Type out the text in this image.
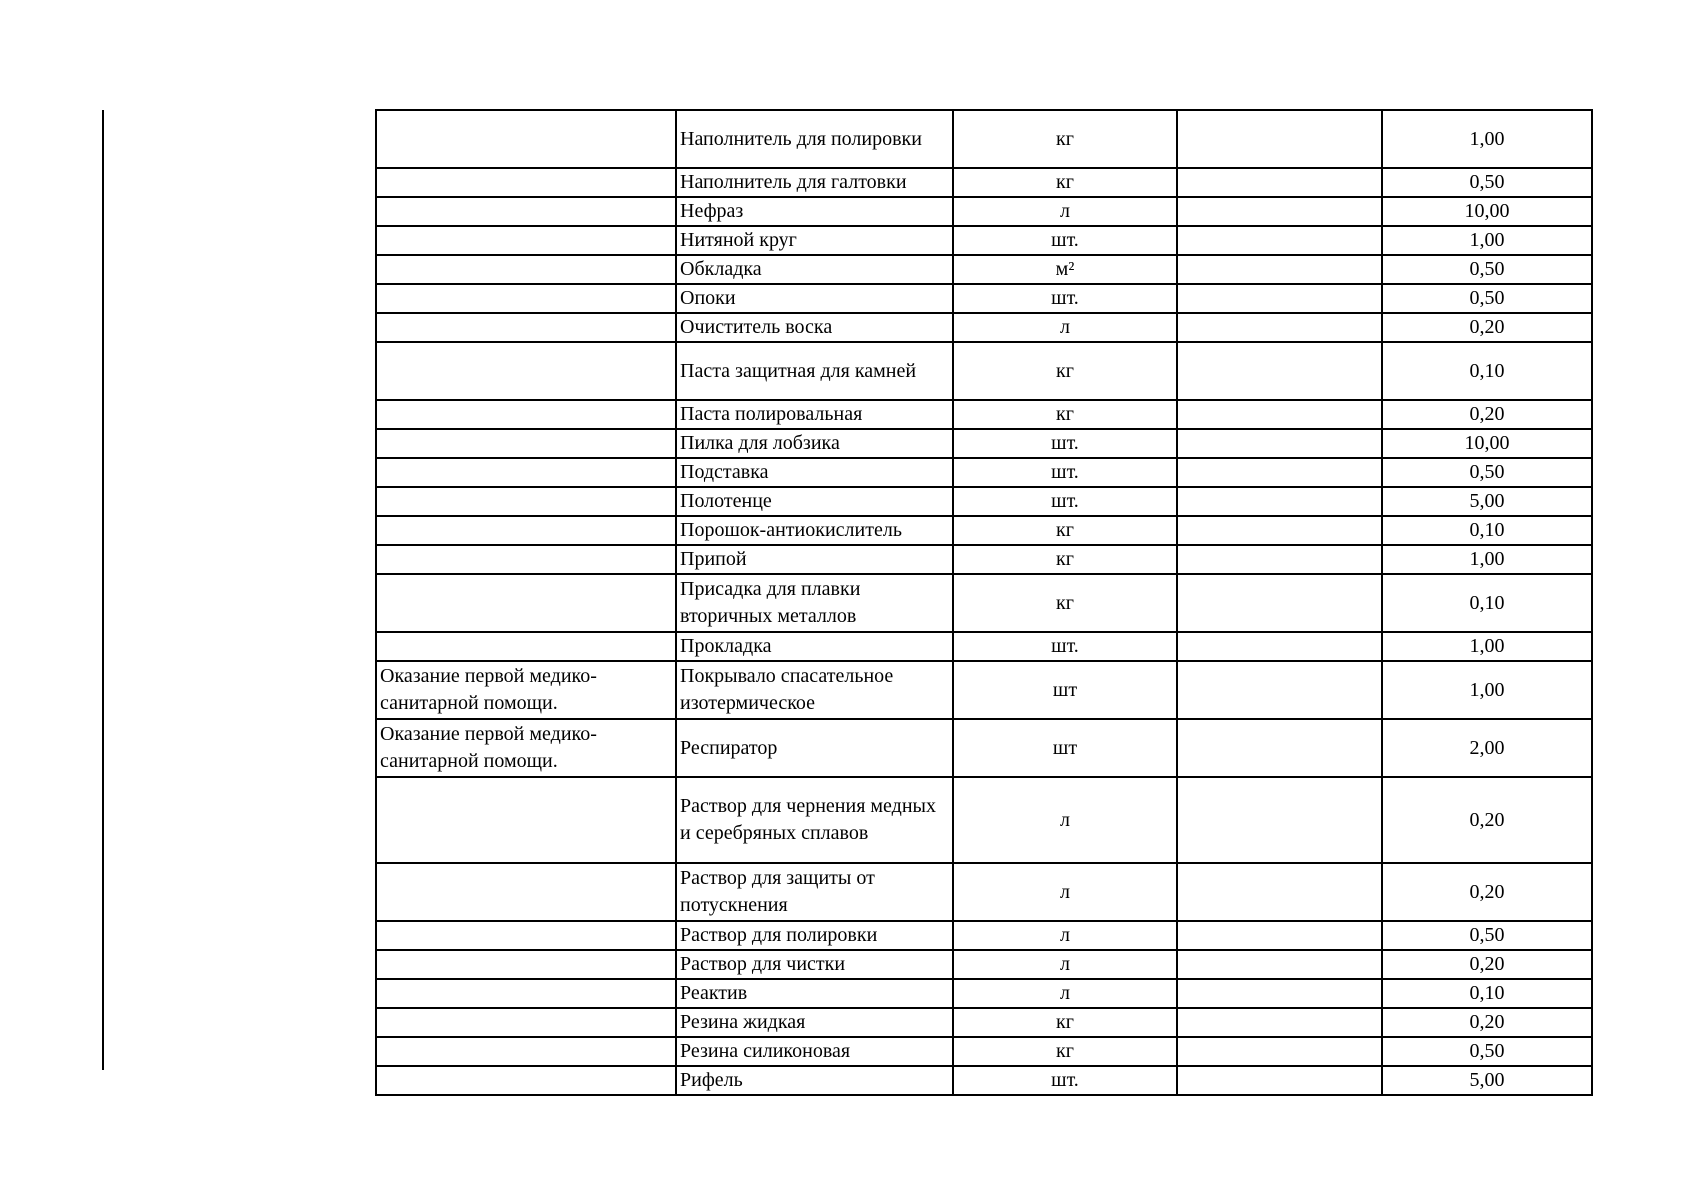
	Наполнитель для полировки	кг		1,00
	Наполнитель для галтовки	кг		0,50
	Нефраз	л		10,00
	Нитяной круг	шт.		1,00
	Обкладка	м²		0,50
	Опоки	шт.		0,50
	Очиститель воска	л		0,20
	Паста защитная для камней	кг		0,10
	Паста полировальная	кг		0,20
	Пилка для лобзика	шт.		10,00
	Подставка	шт.		0,50
	Полотенце	шт.		5,00
	Порошок-антиокислитель	кг		0,10
	Припой	кг		1,00
	Присадка для плавки вторичных металлов	кг		0,10
	Прокладка	шт.		1,00
Оказание первой медико-санитарной помощи.	Покрывало спасательное изотермическое	шт		1,00
Оказание первой медико-санитарной помощи.	Респиратор	шт		2,00
	Раствор для чернения медных и серебряных сплавов	л		0,20
	Раствор для защиты от потускнения	л		0,20
	Раствор для полировки	л		0,50
	Раствор для чистки	л		0,20
	Реактив	л		0,10
	Резина жидкая	кг		0,20
	Резина силиконовая	кг		0,50
	Рифель	шт.		5,00
